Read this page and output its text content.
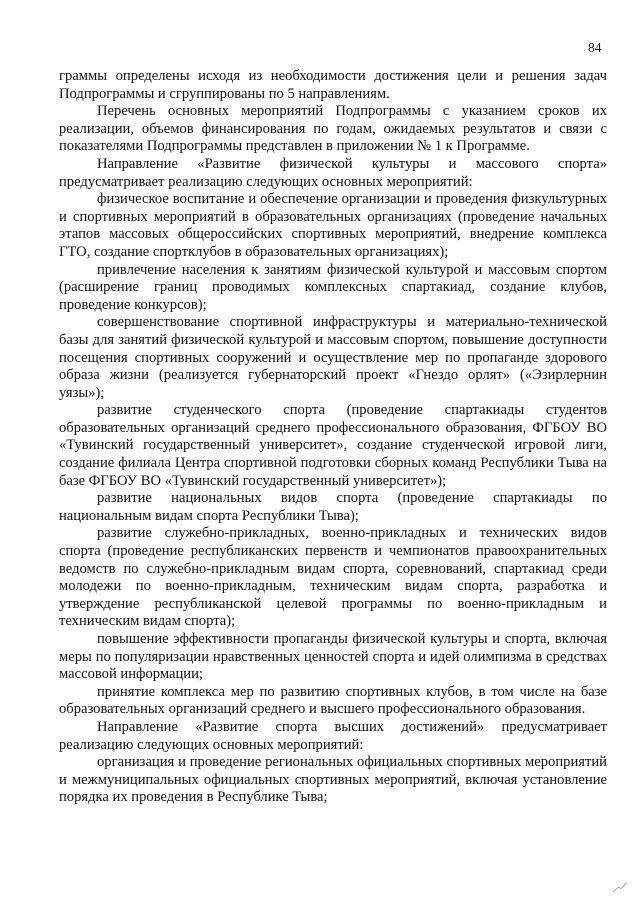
84

граммы определены исходя из необходимости достижения цели и решения задач Подпрограммы и сгруппированы по 5 направлениям.

Перечень основных мероприятий Подпрограммы с указанием сроков их реализации, объемов финансирования по годам, ожидаемых результатов и связи с показателями Подпрограммы представлен в приложении № 1 к Программе.

Направление «Развитие физической культуры и массового спорта» предусматривает реализацию следующих основных мероприятий:

физическое воспитание и обеспечение организации и проведения физкультурных и спортивных мероприятий в образовательных организациях (проведение начальных этапов массовых общероссийских спортивных мероприятий, внедрение комплекса ГТО, создание спортклубов в образовательных организациях);

привлечение населения к занятиям физической культурой и массовым спортом (расширение границ проводимых комплексных спартакиад, создание клубов, проведение конкурсов);

совершенствование спортивной инфраструктуры и материально-технической базы для занятий физической культурой и массовым спортом, повышение доступности посещения спортивных сооружений и осуществление мер по пропаганде здорового образа жизни (реализуется губернаторский проект «Гнездо орлят» («Эзирлернин уязы»);

развитие студенческого спорта (проведение спартакиады студентов образовательных организаций среднего профессионального образования, ФГБОУ ВО «Тувинский государственный университет», создание студенческой игровой лиги, создание филиала Центра спортивной подготовки сборных команд Республики Тыва на базе ФГБОУ ВО «Тувинский государственный университет»);

развитие национальных видов спорта (проведение спартакиады по национальным видам спорта Республики Тыва);

развитие служебно-прикладных, военно-прикладных и технических видов спорта (проведение республиканских первенств и чемпионатов правоохранительных ведомств по служебно-прикладным видам спорта, соревнований, спартакиад среди молодежи по военно-прикладным, техническим видам спорта, разработка и утверждение республиканской целевой программы по военно-прикладным и техническим видам спорта);

повышение эффективности пропаганды физической культуры и спорта, включая меры по популяризации нравственных ценностей спорта и идей олимпизма в средствах массовой информации;

принятие комплекса мер по развитию спортивных клубов, в том числе на базе образовательных организаций среднего и высшего профессионального образования.

Направление «Развитие спорта высших достижений» предусматривает реализацию следующих основных мероприятий:

организация и проведение региональных официальных спортивных мероприятий и межмуниципальных официальных спортивных мероприятий, включая установление порядка их проведения в Республике Тыва;
